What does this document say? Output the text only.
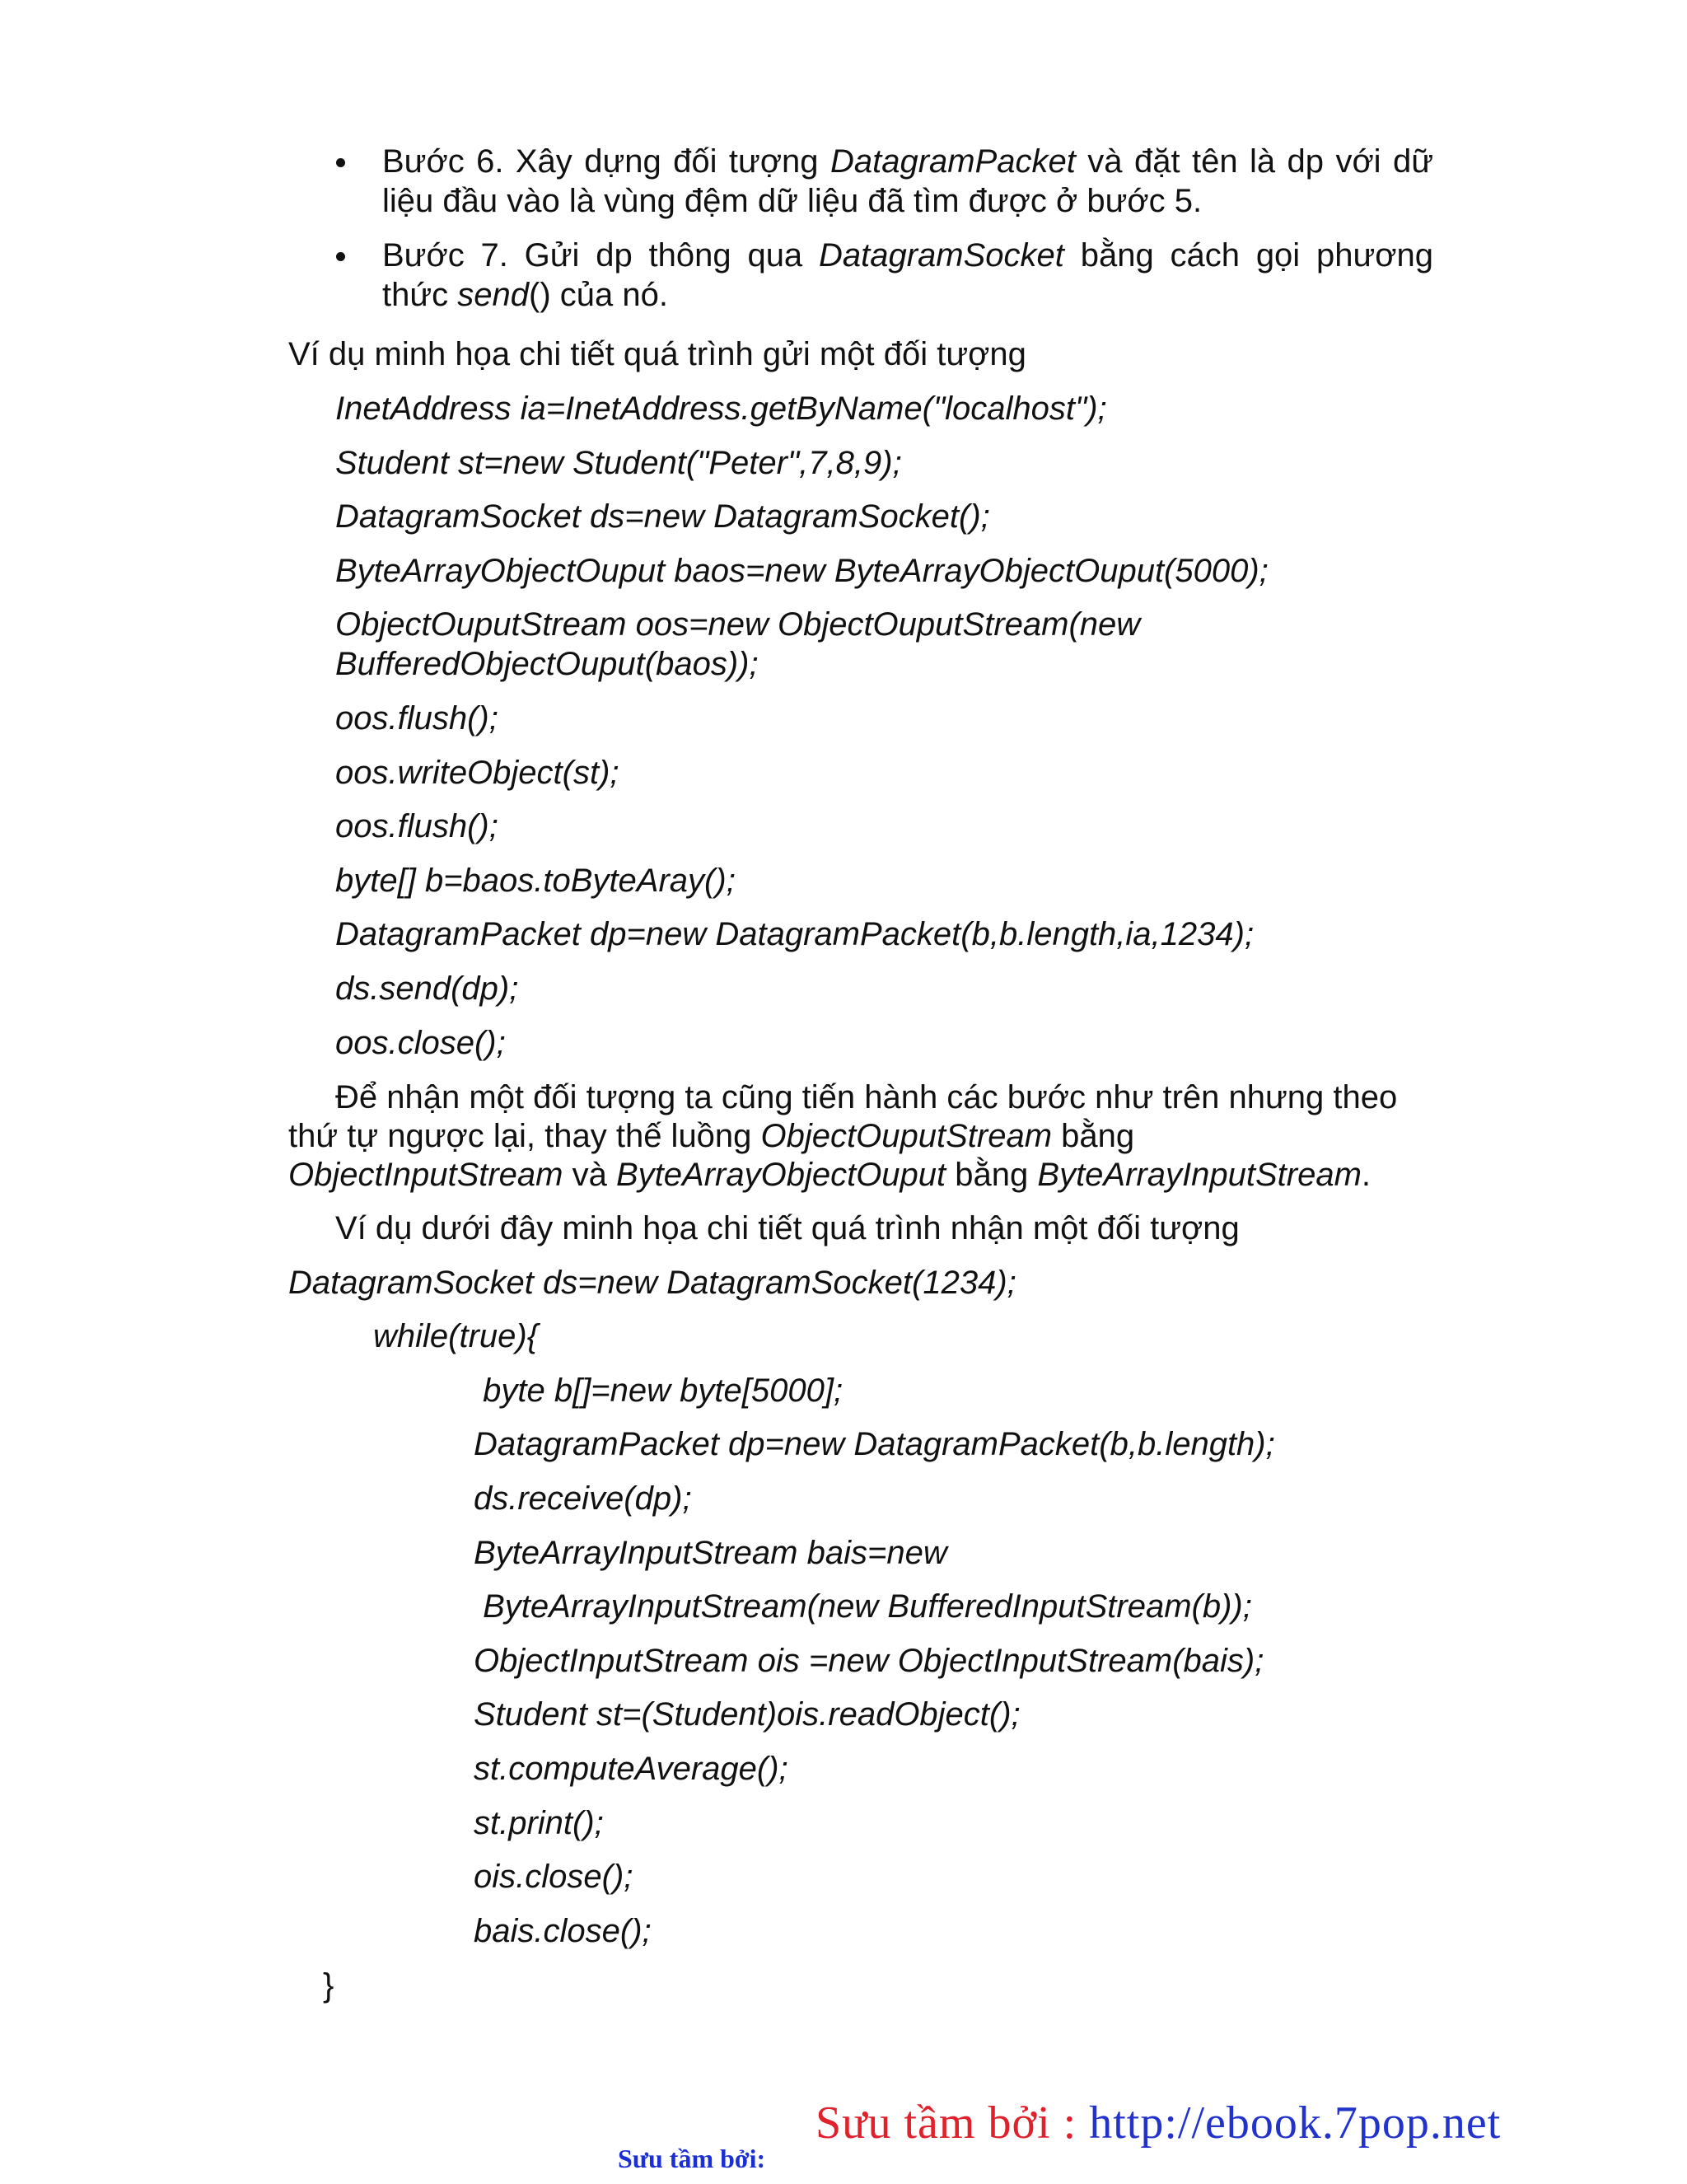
Bước 6. Xây dựng đối tượng DatagramPacket và đặt tên là dp với dữ liệu đầu vào là vùng đệm dữ liệu đã tìm được ở bước 5.
Bước 7. Gửi dp thông qua DatagramSocket bằng cách gọi phương thức send() của nó.
Ví dụ minh họa chi tiết quá trình gửi một đối tượng
InetAddress ia=InetAddress.getByName("localhost");
Student st=new Student("Peter",7,8,9);
DatagramSocket ds=new DatagramSocket();
ByteArrayObjectOuput baos=new ByteArrayObjectOuput(5000);
ObjectOuputStream oos=new ObjectOuputStream(new
BufferedObjectOuput(baos));
oos.flush();
oos.writeObject(st);
oos.flush();
byte[] b=baos.toByteAray();
DatagramPacket dp=new DatagramPacket(b,b.length,ia,1234);
ds.send(dp);
oos.close();
Để nhận một đối tượng ta cũng tiến hành các bước như trên nhưng theo
thứ tự ngược lại, thay thế luồng ObjectOuputStream bằng
ObjectInputStream và ByteArrayObjectOuput bằng ByteArrayInputStream.
Ví dụ dưới đây minh họa chi tiết quá trình nhận một đối tượng
DatagramSocket ds=new DatagramSocket(1234);
while(true){
byte b[]=new byte[5000];
DatagramPacket dp=new DatagramPacket(b,b.length);
ds.receive(dp);
ByteArrayInputStream bais=new
ByteArrayInputStream(new BufferedInputStream(b));
ObjectInputStream ois =new ObjectInputStream(bais);
Student st=(Student)ois.readObject();
st.computeAverage();
st.print();
ois.close();
bais.close();
}
Sưu tầm bởi:
Sưu tầm bởi : http://ebook.7pop.net
